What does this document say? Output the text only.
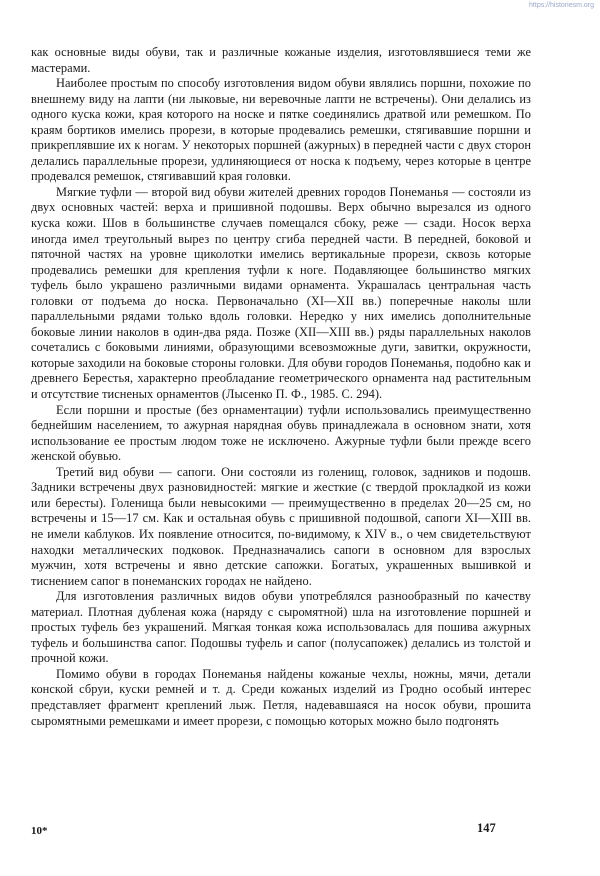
https://historiesm.org

как основные виды обуви, так и различные кожаные изделия, изготовлявшиеся теми же мастерами.

Наиболее простым по способу изготовления видом обуви являлись поршни, похожие по внешнему виду на лапти (ни лыковые, ни веревочные лапти не встречены). Они делались из одного куска кожи, края которого на носке и пятке соединялись дратвой или ремешком. По краям бортиков имелись прорези, в которые продевались ремешки, стягивавшие поршни и прикреплявшие их к ногам. У некоторых поршней (ажурных) в передней части с двух сторон делались параллельные прорези, удлиняющиеся от носка к подъему, через которые в центре продевался ремешок, стягивавший края головки.

Мягкие туфли — второй вид обуви жителей древних городов Понеманья — состояли из двух основных частей: верха и пришивной подошвы. Верх обычно вырезался из одного куска кожи. Шов в большинстве случаев помещался сбоку, реже — сзади. Носок верха иногда имел треугольный вырез по центру сгиба передней части. В передней, боковой и пяточной частях на уровне щиколотки имелись вертикальные прорези, сквозь которые продевались ремешки для крепления туфли к ноге. Подавляющее большинство мягких туфель было украшено различными видами орнамента. Украшалась центральная часть головки от подъема до носка. Первоначально (XI—XII вв.) поперечные наколы шли параллельными рядами только вдоль головки. Нередко у них имелись дополнительные боковые линии наколов в один-два ряда. Позже (XII—XIII вв.) ряды параллельных наколов сочетались с боковыми линиями, образующими всевозможные дуги, завитки, окружности, которые заходили на боковые стороны головки. Для обуви городов Понеманья, подобно как и древнего Берестья, характерно преобладание геометрического орнамента над растительным и отсутствие тисненых орнаментов (Лысенко П. Ф., 1985. С. 294).

Если поршни и простые (без орнаментации) туфли использовались преимущественно беднейшим населением, то ажурная нарядная обувь принадлежала в основном знати, хотя использование ее простым людом тоже не исключено. Ажурные туфли были прежде всего женской обувью.

Третий вид обуви — сапоги. Они состояли из голенищ, головок, задников и подошв. Задники встречены двух разновидностей: мягкие и жесткие (с твердой прокладкой из кожи или бересты). Голенища были невысокими — преимущественно в пределах 20—25 см, но встречены и 15—17 см. Как и остальная обувь с пришивной подошвой, сапоги XI—XIII вв. не имели каблуков. Их появление относится, по-видимому, к XIV в., о чем свидетельствуют находки металлических подковок. Предназначались сапоги в основном для взрослых мужчин, хотя встречены и явно детские сапожки. Богатых, украшенных вышивкой и тиснением сапог в понеманских городах не найдено.

Для изготовления различных видов обуви употреблялся разнообразный по качеству материал. Плотная дубленая кожа (наряду с сыромятной) шла на изготовление поршней и простых туфель без украшений. Мягкая тонкая кожа использовалась для пошива ажурных туфель и большинства сапог. Подошвы туфель и сапог (полусапожек) делались из толстой и прочной кожи.

Помимо обуви в городах Понеманья найдены кожаные чехлы, ножны, мячи, детали конской сбруи, куски ремней и т. д. Среди кожаных изделий из Гродно особый интерес представляет фрагмент креплений лыж. Петля, надевавшаяся на носок обуви, прошита сыромятными ремешками и имеет прорези, с помощью которых можно было подгонять

10*	147
